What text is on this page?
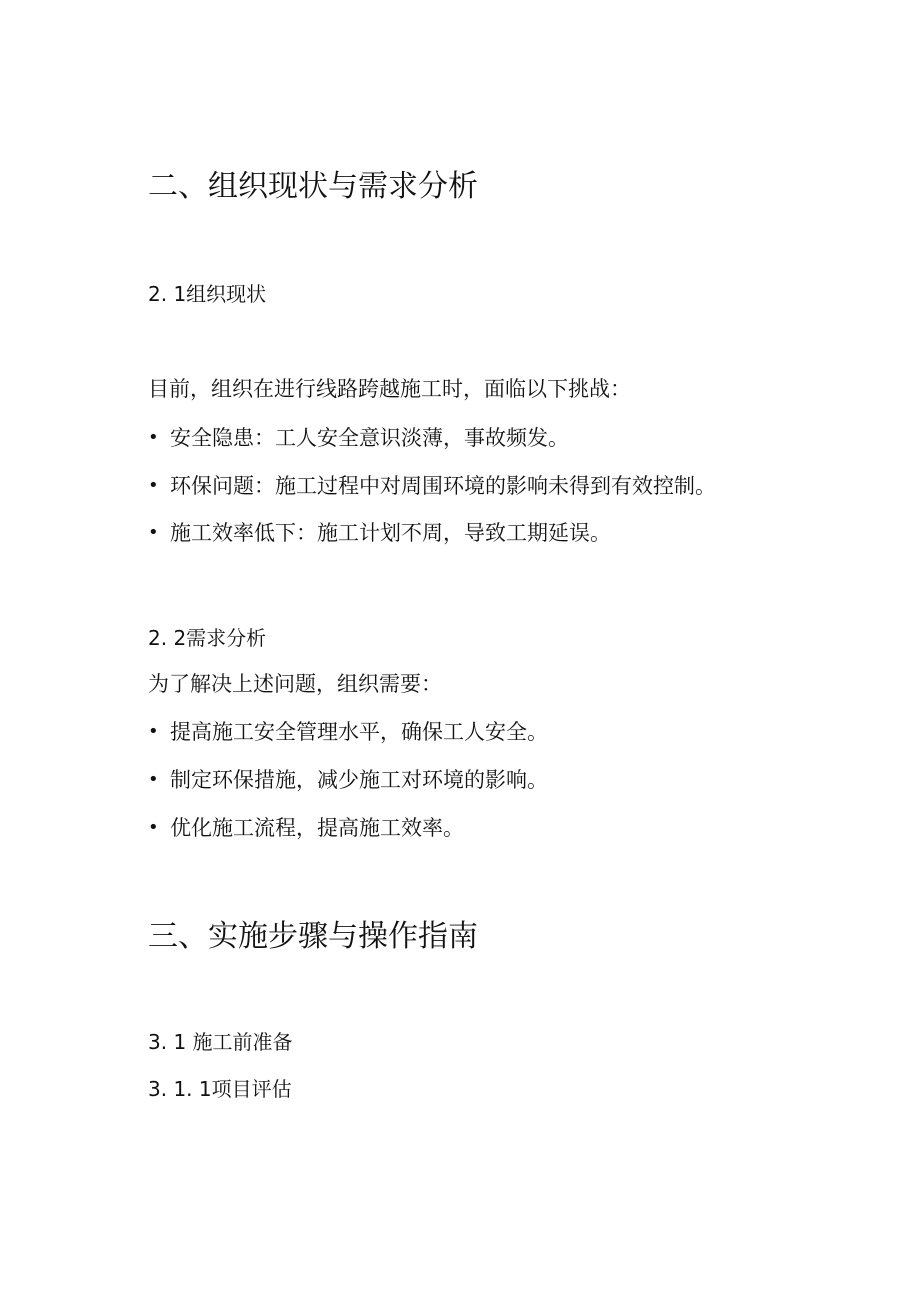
二、组织现状与需求分析
2. 1组织现状

目前，组织在进行线路跨越施工时，面临以下挑战：

• 安全隐患：工人安全意识淡薄，事故频发。

• 环保问题：施工过程中对周围环境的影响未得到有效控制。

• 施工效率低下：施工计划不周，导致工期延误。

2. 2需求分析

为了解决上述问题，组织需要：

• 提高施工安全管理水平，确保工人安全。

• 制定环保措施，减少施工对环境的影响。

• 优化施工流程，提高施工效率。

三、实施步骤与操作指南
3. 1 施工前准备
3. 1. 1项目评估
